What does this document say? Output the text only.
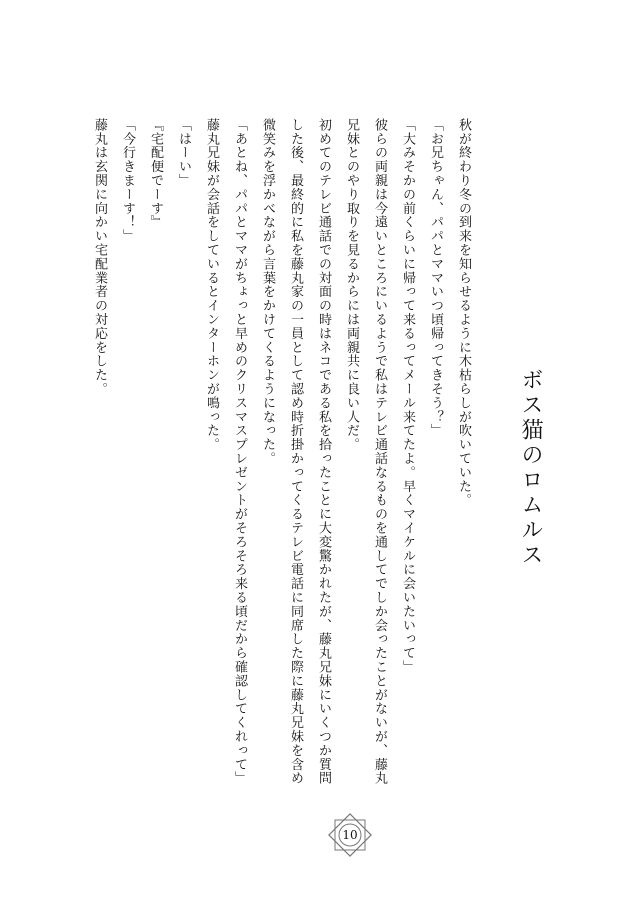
ボス猫のロムルス

秋が終わり冬の到来を知らせるように木枯らしが吹いていた。

「お兄ちゃん、パパとママいつ頃帰ってきそう？」

「大みそかの前くらいに帰って来るってメール来てたよ。早くマイケルに会いたいって」

彼らの両親は今遠いところにいるようで私はテレビ通話なるものを通してでしか会ったことがないが、藤丸兄妹とのやり取りを見るからには両親共に良い人だ。

初めてのテレビ通話での対面の時はネコである私を拾ったことに大変驚かれたが、藤丸兄妹にいくつか質問した後、最終的に私を藤丸家の一員として認め時折掛かってくるテレビ電話に同席した際に藤丸兄妹を含め微笑みを浮かべながら言葉をかけてくるようになった。

「あとね、パパとママがちょっと早めのクリスマスプレゼントがそろそろ来る頃だから確認してくれって」

藤丸兄妹が会話をしているとインターホンが鳴った。

「はーい」

『宅配便でーす』

「今行きまーす！」

藤丸は玄関に向かい宅配業者の対応をした。

10
